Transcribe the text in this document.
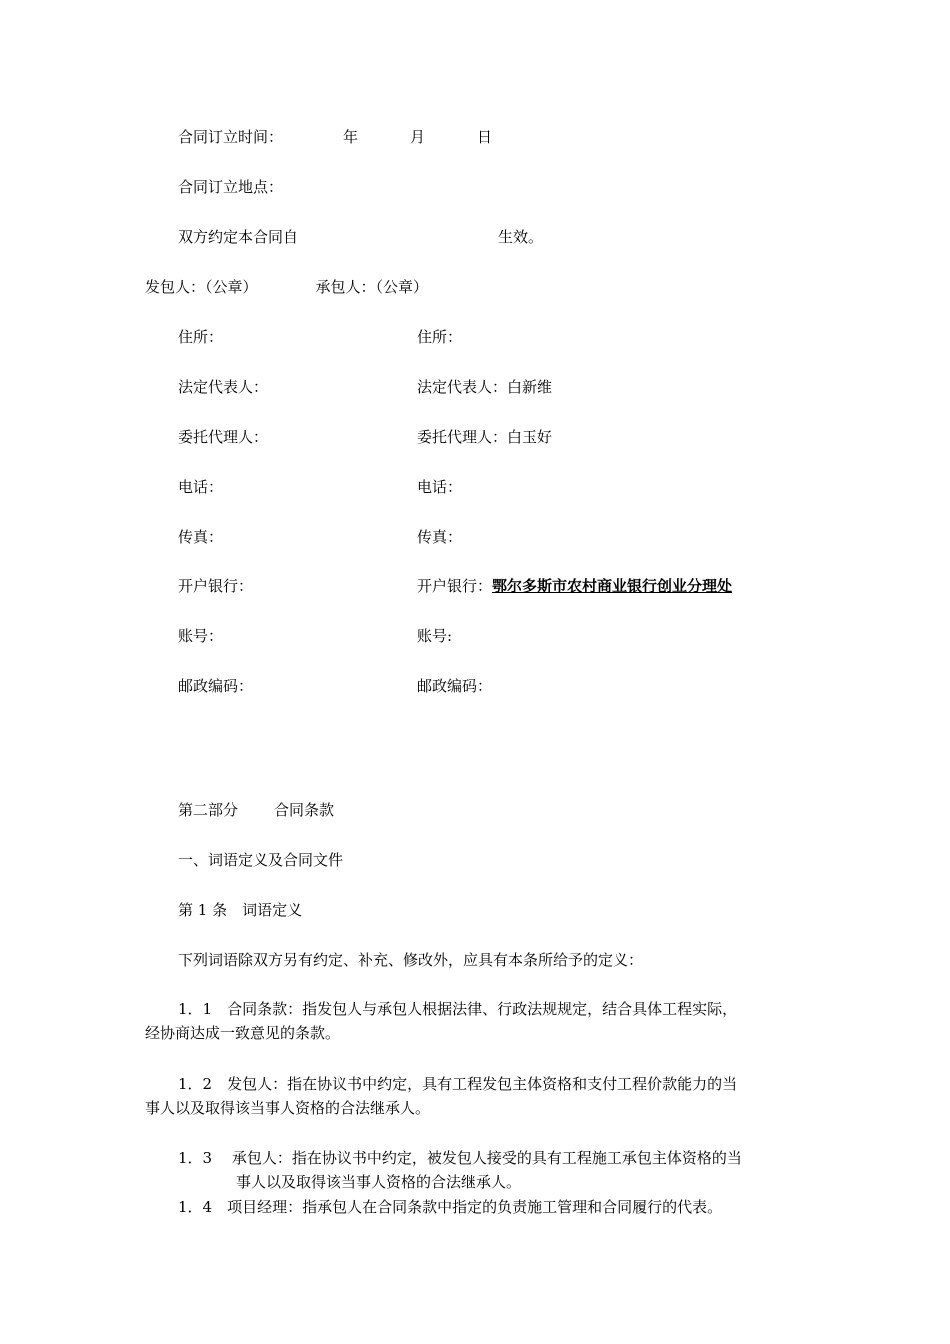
合同订立时间：	年	月	日
合同订立地点：
双方约定本合同自	生效。
发包人：（公章）	承包人：（公章）
住所：	住所：
法定代表人：	法定代表人：白新维
委托代理人：	委托代理人：白玉好
电话：	电话：
传真：	传真：
开户银行：	开户银行：鄂尔多斯市农村商业银行创业分理处
账号：	账号:
邮政编码：	邮政编码：
第二部分 合同条款
一、词语定义及合同文件
第 1 条　词语定义
下列词语除双方另有约定、补充、修改外，应具有本条所给予的定义：
1．1　合同条款：指发包人与承包人根据法律、行政法规规定，结合具体工程实际，
经协商达成一致意见的条款。
1．2　发包人：指在协议书中约定，具有工程发包主体资格和支付工程价款能力的当
事人以及取得该当事人资格的合法继承人。
1．3　 承包人：指在协议书中约定，被发包人接受的具有工程施工承包主体资格的当
事人以及取得该当事人资格的合法继承人。
1．4　项目经理：指承包人在合同条款中指定的负责施工管理和合同履行的代表。
